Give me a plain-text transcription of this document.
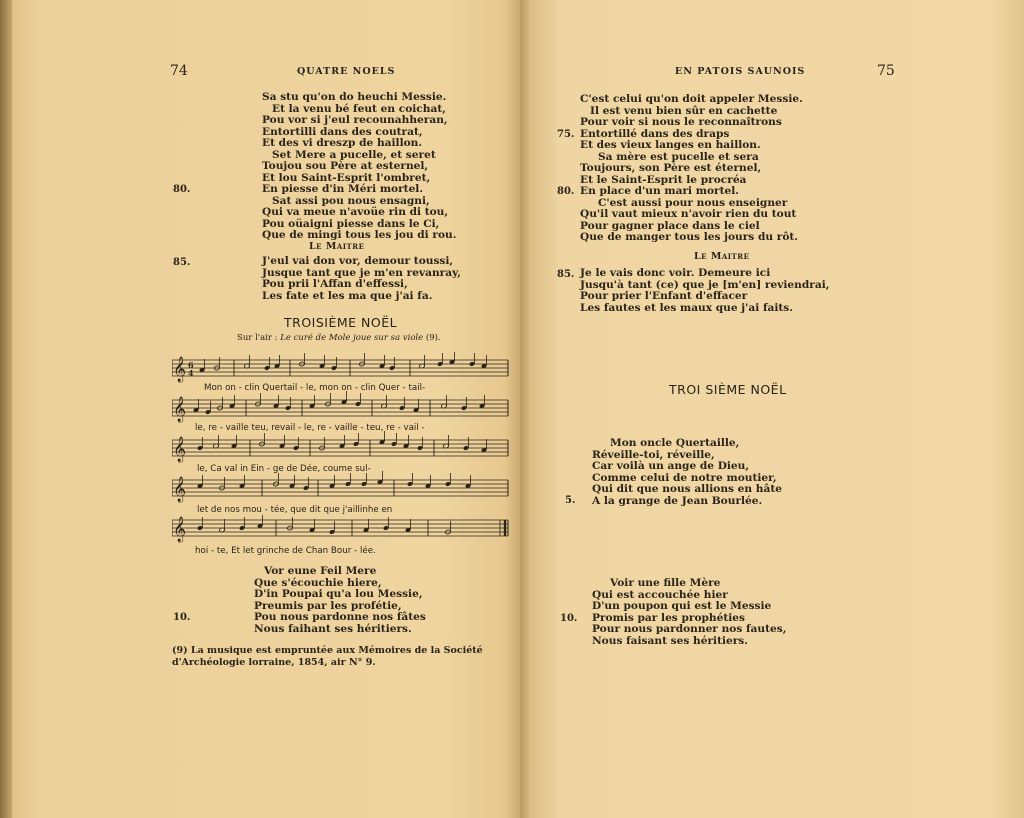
74	QUATRE NOELS
Sa stu qu'on do heuchi Messie.
Et la venu bé feut en coichat,
Pou vor si j'eul recounahheran,
Entortilli dans des coutrat,
Et des vi dreszp de haillon.
Set Mere a pucelle, et seret
Toujou sou Père at esternel,
Et lou Saint-Esprit l'ombret,
En piesse d'in Méri mortel.
Sat assi pou nous ensagni,
Qui va meue n'avoüe rin di tou,
Pou oüaigni piesse dans le Ci,
Que de mingi tous les jou di rou.
80.
Le Maitre
J'eul vai don vor, demour toussi,
Jusque tant que je m'en revanray,
Pou prii l'Affan d'effessi,
Les fate et les ma que j'ai fa.
85.
TROISIÈME NOËL
Sur l'air : Le curé de Mole joue sur sa viole (9).
6
4
Mon on - clin Quertail - le, mon on - clin Quer - tail-
le, re - vaille teu, revail - le, re - vaille - teu, re - vail -
le, Ca val in Ein - ge de Dée, coume sul-
let de nos mou - tée, que dit que j'aillinhe en
hoi - te, Et let grinche de Chan Bour - lée.
Vor eune Feil Mere
Que s'écouchie hiere,
D'in Poupai qu'a lou Messie,
Preumis par les profétie,
Pou nous pardonne nos fâtes
Nous faihant ses héritiers.
10.
(9) La musique est empruntée aux Mémoires de la Société d'Archéologie lorraine, 1854, air N° 9.
EN PATOIS SAUNOIS	75
C'est celui qu'on doit appeler Messie.
Il est venu bien sûr en cachette
Pour voir si nous le reconnaîtrons
Entortillé dans des draps
Et des vieux langes en haillon.
Sa mère est pucelle et sera
Toujours, son Père est éternel,
Et le Saint-Esprit le procréa
En place d'un mari mortel.
C'est aussi pour nous enseigner
Qu'il vaut mieux n'avoir rien du tout
Pour gagner place dans le ciel
Que de manger tous les jours du rôt.
75.
80.
Le Maitre
Je le vais donc voir. Demeure ici
Jusqu'à tant (ce) que je [m'en] reviendrai,
Pour prier l'Enfant d'effacer
Les fautes et les maux que j'ai faits.
85.
TROI SIÈME NOËL
Mon oncle Quertaille,
Réveille-toi, réveille,
Car voilà un ange de Dieu,
Comme celui de notre moutier,
Qui dit que nous allions en hâte
A la grange de Jean Bourlée.
5.
Voir une fille Mère
Qui est accouchée hier
D'un poupon qui est le Messie
Promis par les prophéties
Pour nous pardonner nos fautes,
Nous faisant ses héritiers.
10.
